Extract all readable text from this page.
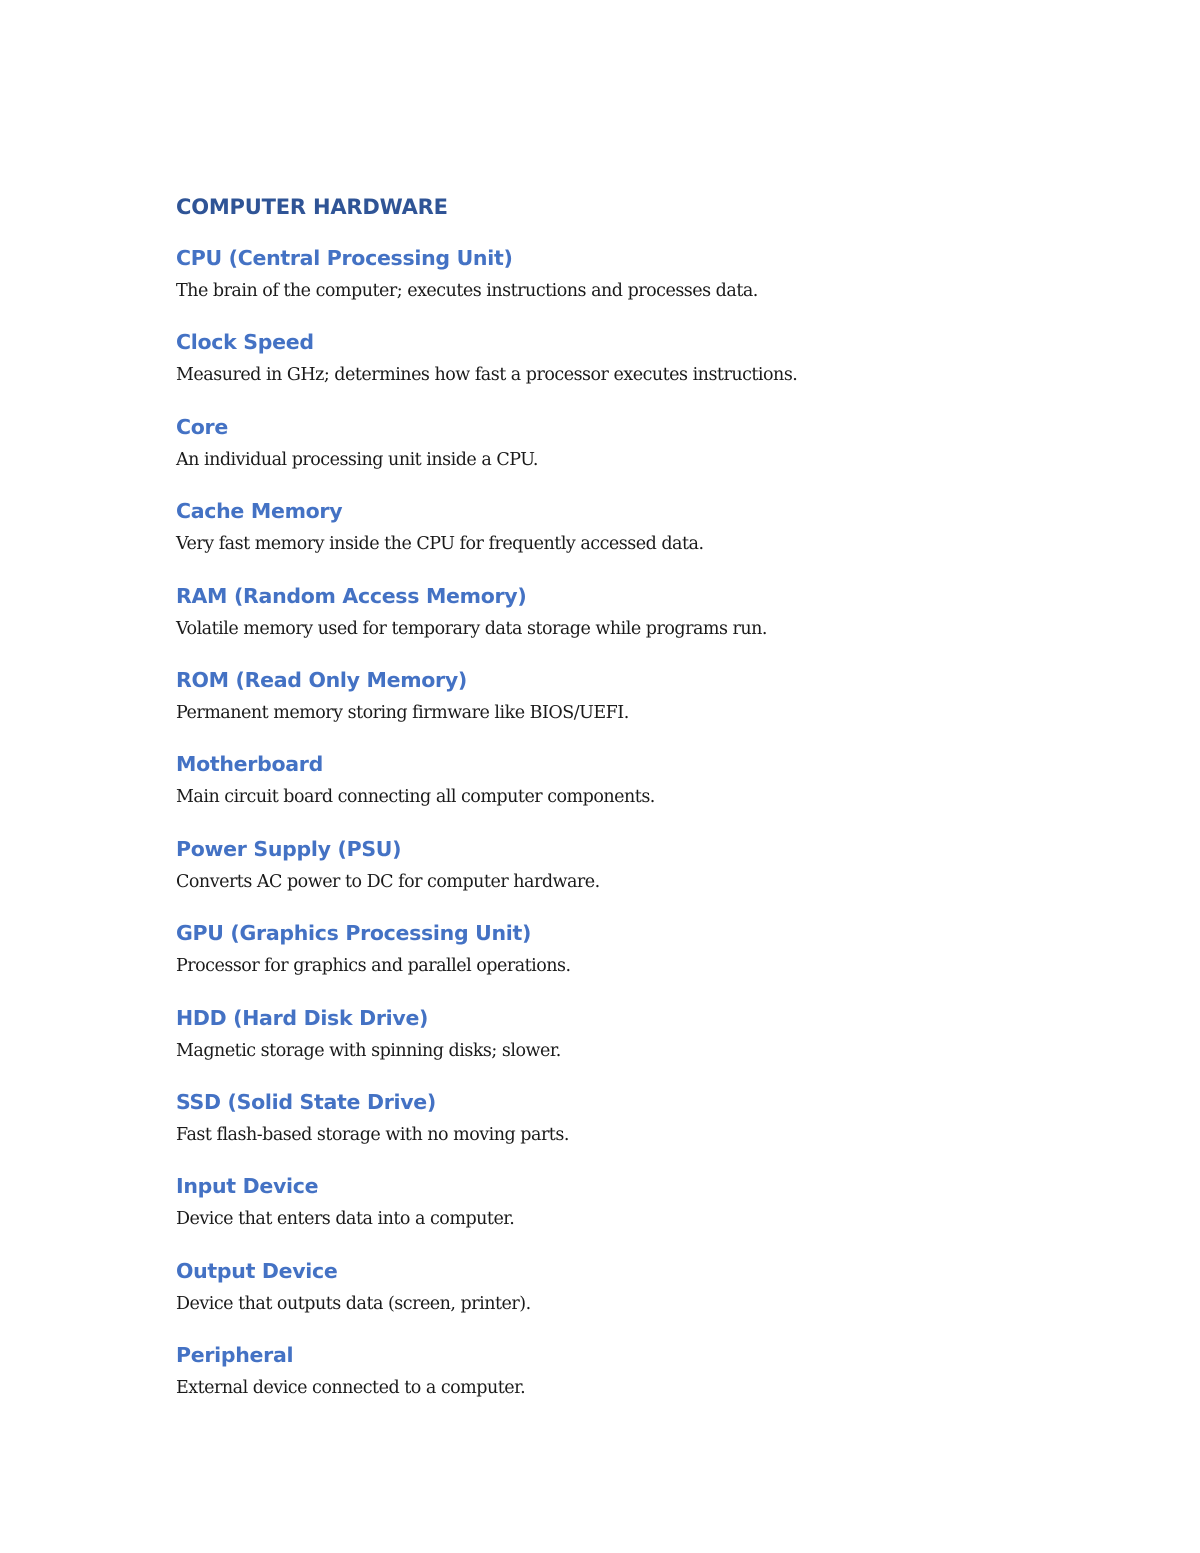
COMPUTER HARDWARE
CPU (Central Processing Unit)

The brain of the computer; executes instructions and processes data.

Clock Speed

Measured in GHz; determines how fast a processor executes instructions.

Core

An individual processing unit inside a CPU.

Cache Memory

Very fast memory inside the CPU for frequently accessed data.

RAM (Random Access Memory)

Volatile memory used for temporary data storage while programs run.

ROM (Read Only Memory)

Permanent memory storing firmware like BIOS/UEFI.

Motherboard

Main circuit board connecting all computer components.

Power Supply (PSU)

Converts AC power to DC for computer hardware.

GPU (Graphics Processing Unit)

Processor for graphics and parallel operations.

HDD (Hard Disk Drive)

Magnetic storage with spinning disks; slower.

SSD (Solid State Drive)

Fast flash-based storage with no moving parts.

Input Device

Device that enters data into a computer.

Output Device

Device that outputs data (screen, printer).

Peripheral

External device connected to a computer.
